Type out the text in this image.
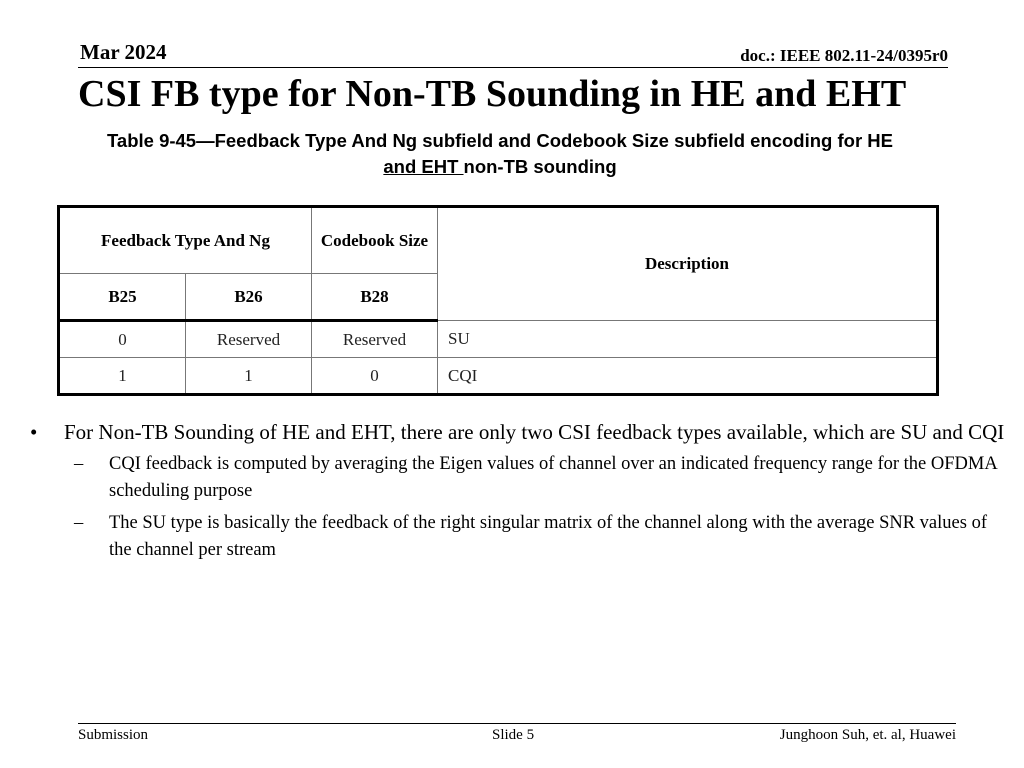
Mar 2024	doc.: IEEE 802.11-24/0395r0
CSI FB type for Non-TB Sounding in HE and EHT
Table 9-45—Feedback Type And Ng subfield and Codebook Size subfield encoding for HE
and EHT non-TB sounding
Feedback Type And Ng		Codebook Size	Description
B25	B26	B28	
0	Reserved	Reserved	SU
1	1	0	CQI
• For Non-TB Sounding of HE and EHT, there are only two CSI feedback types available, which are SU and CQI
– CQI feedback is computed by averaging the Eigen values of channel over an indicated frequency range for the OFDMA scheduling purpose
– The SU type is basically the feedback of the right singular matrix of the channel along with the average SNR values of the channel per stream
Submission	Slide 5	Junghoon Suh, et. al, Huawei
